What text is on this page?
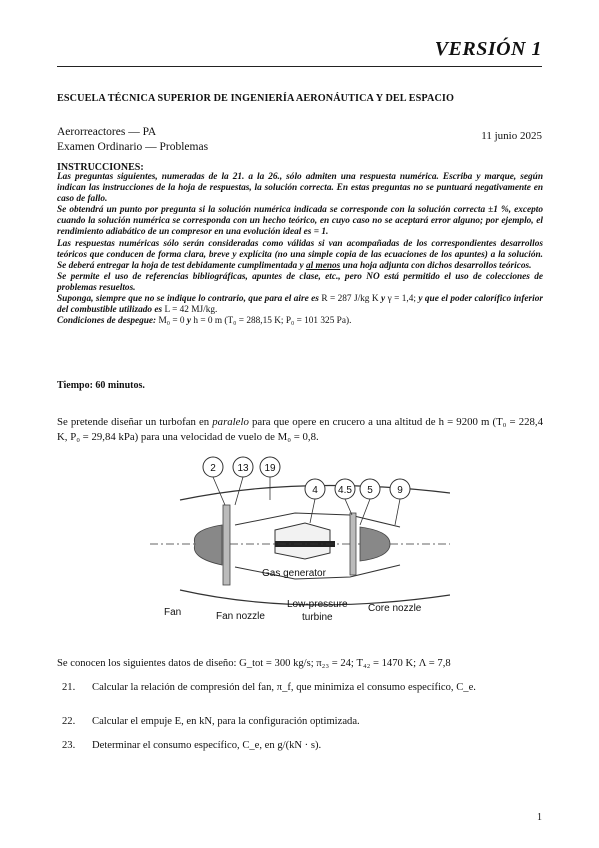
VERSIÓN 1
ESCUELA TÉCNICA SUPERIOR DE INGENIERÍA AERONÁUTICA Y DEL ESPACIO
Aerorreactores — PA
Examen Ordinario — Problemas
11 junio 2025
INSTRUCCIONES:

Las preguntas siguientes, numeradas de la 21. a la 26., sólo admiten una respuesta numérica. Escriba y marque, según indican las instrucciones de la hoja de respuestas, la solución correcta. En estas preguntas no se puntuará negativamente en caso de fallo.

Se obtendrá un punto por pregunta si la solución numérica indicada se corresponde con la solución correcta ±1 %, excepto cuando la solución numérica se corresponda con un hecho teórico, en cuyo caso no se aceptará error alguno; por ejemplo, el rendimiento adiabático de un compresor en una evolución ideal es = 1.

Las respuestas numéricas sólo serán consideradas como válidas si van acompañadas de los correspondientes desarrollos teóricos que conducen de forma clara, breve y explícita (no una simple copia de las ecuaciones de los apuntes) a la solución. Se deberá entregar la hoja de test debidamente cumplimentada y al menos una hoja adjunta con dichos desarrollos teóricos.

Se permite el uso de referencias bibliográficas, apuntes de clase, etc., pero NO está permitido el uso de colecciones de problemas resueltos.

Suponga, siempre que no se indique lo contrario, que para el aire es R = 287 J/kg K y γ = 1,4; y que el poder calorífico inferior del combustible utilizado es L = 42 MJ/kg.

Condiciones de despegue: M₀ = 0 y h = 0 m (T₀ = 288,15 K; P₀ = 101 325 Pa).

Tiempo: 60 minutos.
Se pretende diseñar un turbofan en paralelo para que opere en crucero a una altitud de h = 9200 m (T₀ = 228,4 K, P₀ = 29,84 kPa) para una velocidad de vuelo de M₀ = 0,8.
2 13 19
4 4.5 5 9
Gas generator
Fan	Fan nozzle
Low-pressure
turbine
Core nozzle
Se conocen los siguientes datos de diseño: G_tot = 300 kg/s; π₂₃ = 24; T₄₂ = 1470 K; Λ = 7,8
21. Calcular la relación de compresión del fan, π_f, que minimiza el consumo específico, C_e.
22. Calcular el empuje E, en kN, para la configuración optimizada.
23. Determinar el consumo específico, C_e, en g/(kN · s).
1
